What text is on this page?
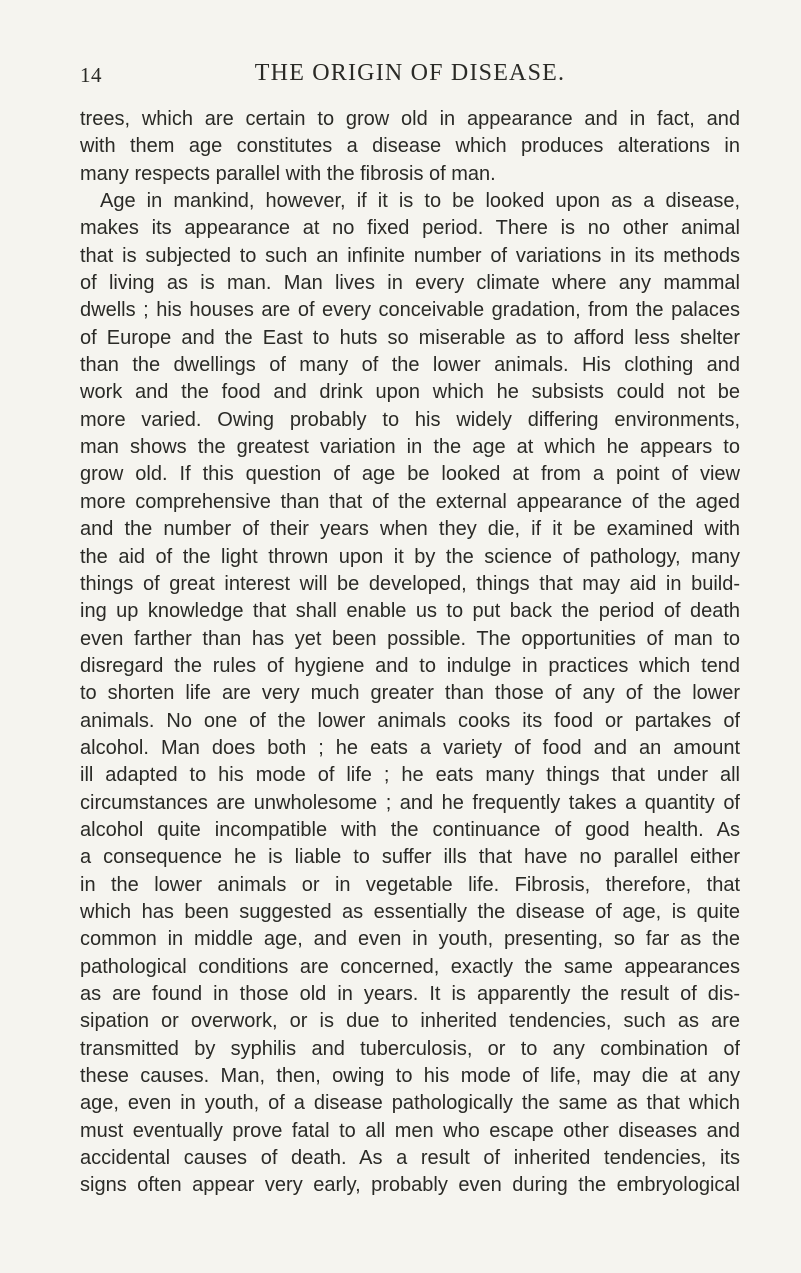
14	THE ORIGIN OF DISEASE.
trees, which are certain to grow old in appearance and in fact, and
with them age constitutes a disease which produces alterations in
many respects parallel with the fibrosis of man.
Age in mankind, however, if it is to be looked upon as a disease,
makes its appearance at no fixed period. There is no other animal
that is subjected to such an infinite number of variations in its methods
of living as is man. Man lives in every climate where any mammal
dwells ; his houses are of every conceivable gradation, from the palaces
of Europe and the East to huts so miserable as to afford less shelter
than the dwellings of many of the lower animals. His clothing and
work and the food and drink upon which he subsists could not be
more varied. Owing probably to his widely differing environments,
man shows the greatest variation in the age at which he appears to
grow old. If this question of age be looked at from a point of view
more comprehensive than that of the external appearance of the aged
and the number of their years when they die, if it be examined with
the aid of the light thrown upon it by the science of pathology, many
things of great interest will be developed, things that may aid in build-
ing up knowledge that shall enable us to put back the period of death
even farther than has yet been possible. The opportunities of man to
disregard the rules of hygiene and to indulge in practices which tend
to shorten life are very much greater than those of any of the lower
animals. No one of the lower animals cooks its food or partakes of
alcohol. Man does both ; he eats a variety of food and an amount
ill adapted to his mode of life ; he eats many things that under all
circumstances are unwholesome ; and he frequently takes a quantity of
alcohol quite incompatible with the continuance of good health. As
a consequence he is liable to suffer ills that have no parallel either
in the lower animals or in vegetable life. Fibrosis, therefore, that
which has been suggested as essentially the disease of age, is quite
common in middle age, and even in youth, presenting, so far as the
pathological conditions are concerned, exactly the same appearances
as are found in those old in years. It is apparently the result of dis-
sipation or overwork, or is due to inherited tendencies, such as are
transmitted by syphilis and tuberculosis, or to any combination of
these causes. Man, then, owing to his mode of life, may die at any
age, even in youth, of a disease pathologically the same as that which
must eventually prove fatal to all men who escape other diseases and
accidental causes of death. As a result of inherited tendencies, its
signs often appear very early, probably even during the embryological
